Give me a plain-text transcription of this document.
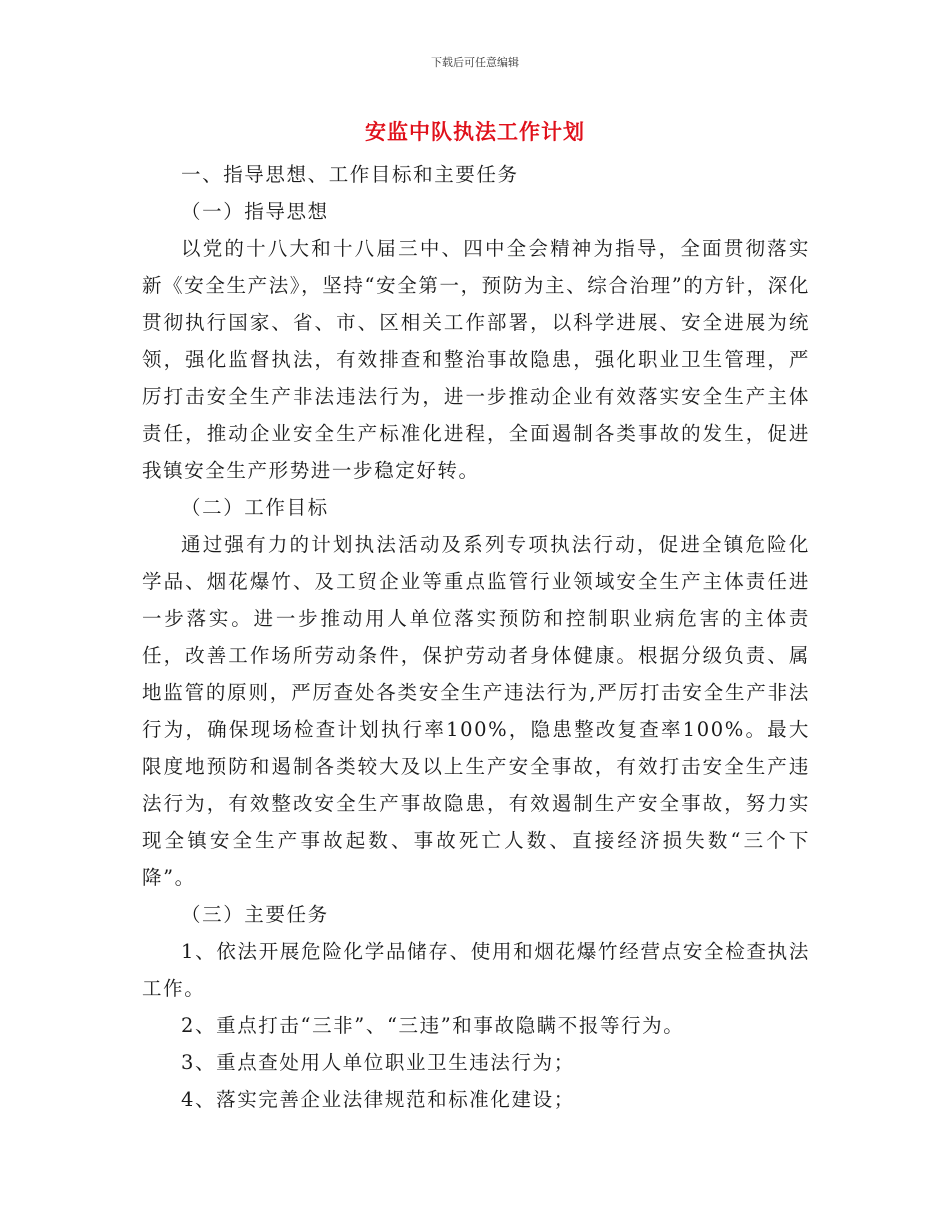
下载后可任意编辑
安监中队执法工作计划

一、指导思想、工作目标和主要任务

（一）指导思想

以党的十八大和十八届三中、四中全会精神为指导，全面贯彻落实新《安全生产法》，坚持“安全第一，预防为主、综合治理”的方针，深化贯彻执行国家、省、市、区相关工作部署，以科学进展、安全进展为统领，强化监督执法，有效排查和整治事故隐患，强化职业卫生管理，严厉打击安全生产非法违法行为，进一步推动企业有效落实安全生产主体责任，推动企业安全生产标准化进程，全面遏制各类事故的发生，促进我镇安全生产形势进一步稳定好转。

（二）工作目标

通过强有力的计划执法活动及系列专项执法行动，促进全镇危险化学品、烟花爆竹、及工贸企业等重点监管行业领域安全生产主体责任进一步落实。进一步推动用人单位落实预防和控制职业病危害的主体责任，改善工作场所劳动条件，保护劳动者身体健康。根据分级负责、属地监管的原则，严厉查处各类安全生产违法行为,严厉打击安全生产非法行为，确保现场检查计划执行率100%，隐患整改复查率100%。最大限度地预防和遏制各类较大及以上生产安全事故，有效打击安全生产违法行为，有效整改安全生产事故隐患，有效遏制生产安全事故，努力实现全镇安全生产事故起数、事故死亡人数、直接经济损失数“三个下降”。

（三）主要任务

1、依法开展危险化学品储存、使用和烟花爆竹经营点安全检查执法工作。

2、重点打击“三非”、“三违”和事故隐瞒不报等行为。

3、重点查处用人单位职业卫生违法行为；

4、落实完善企业法律规范和标准化建设；
